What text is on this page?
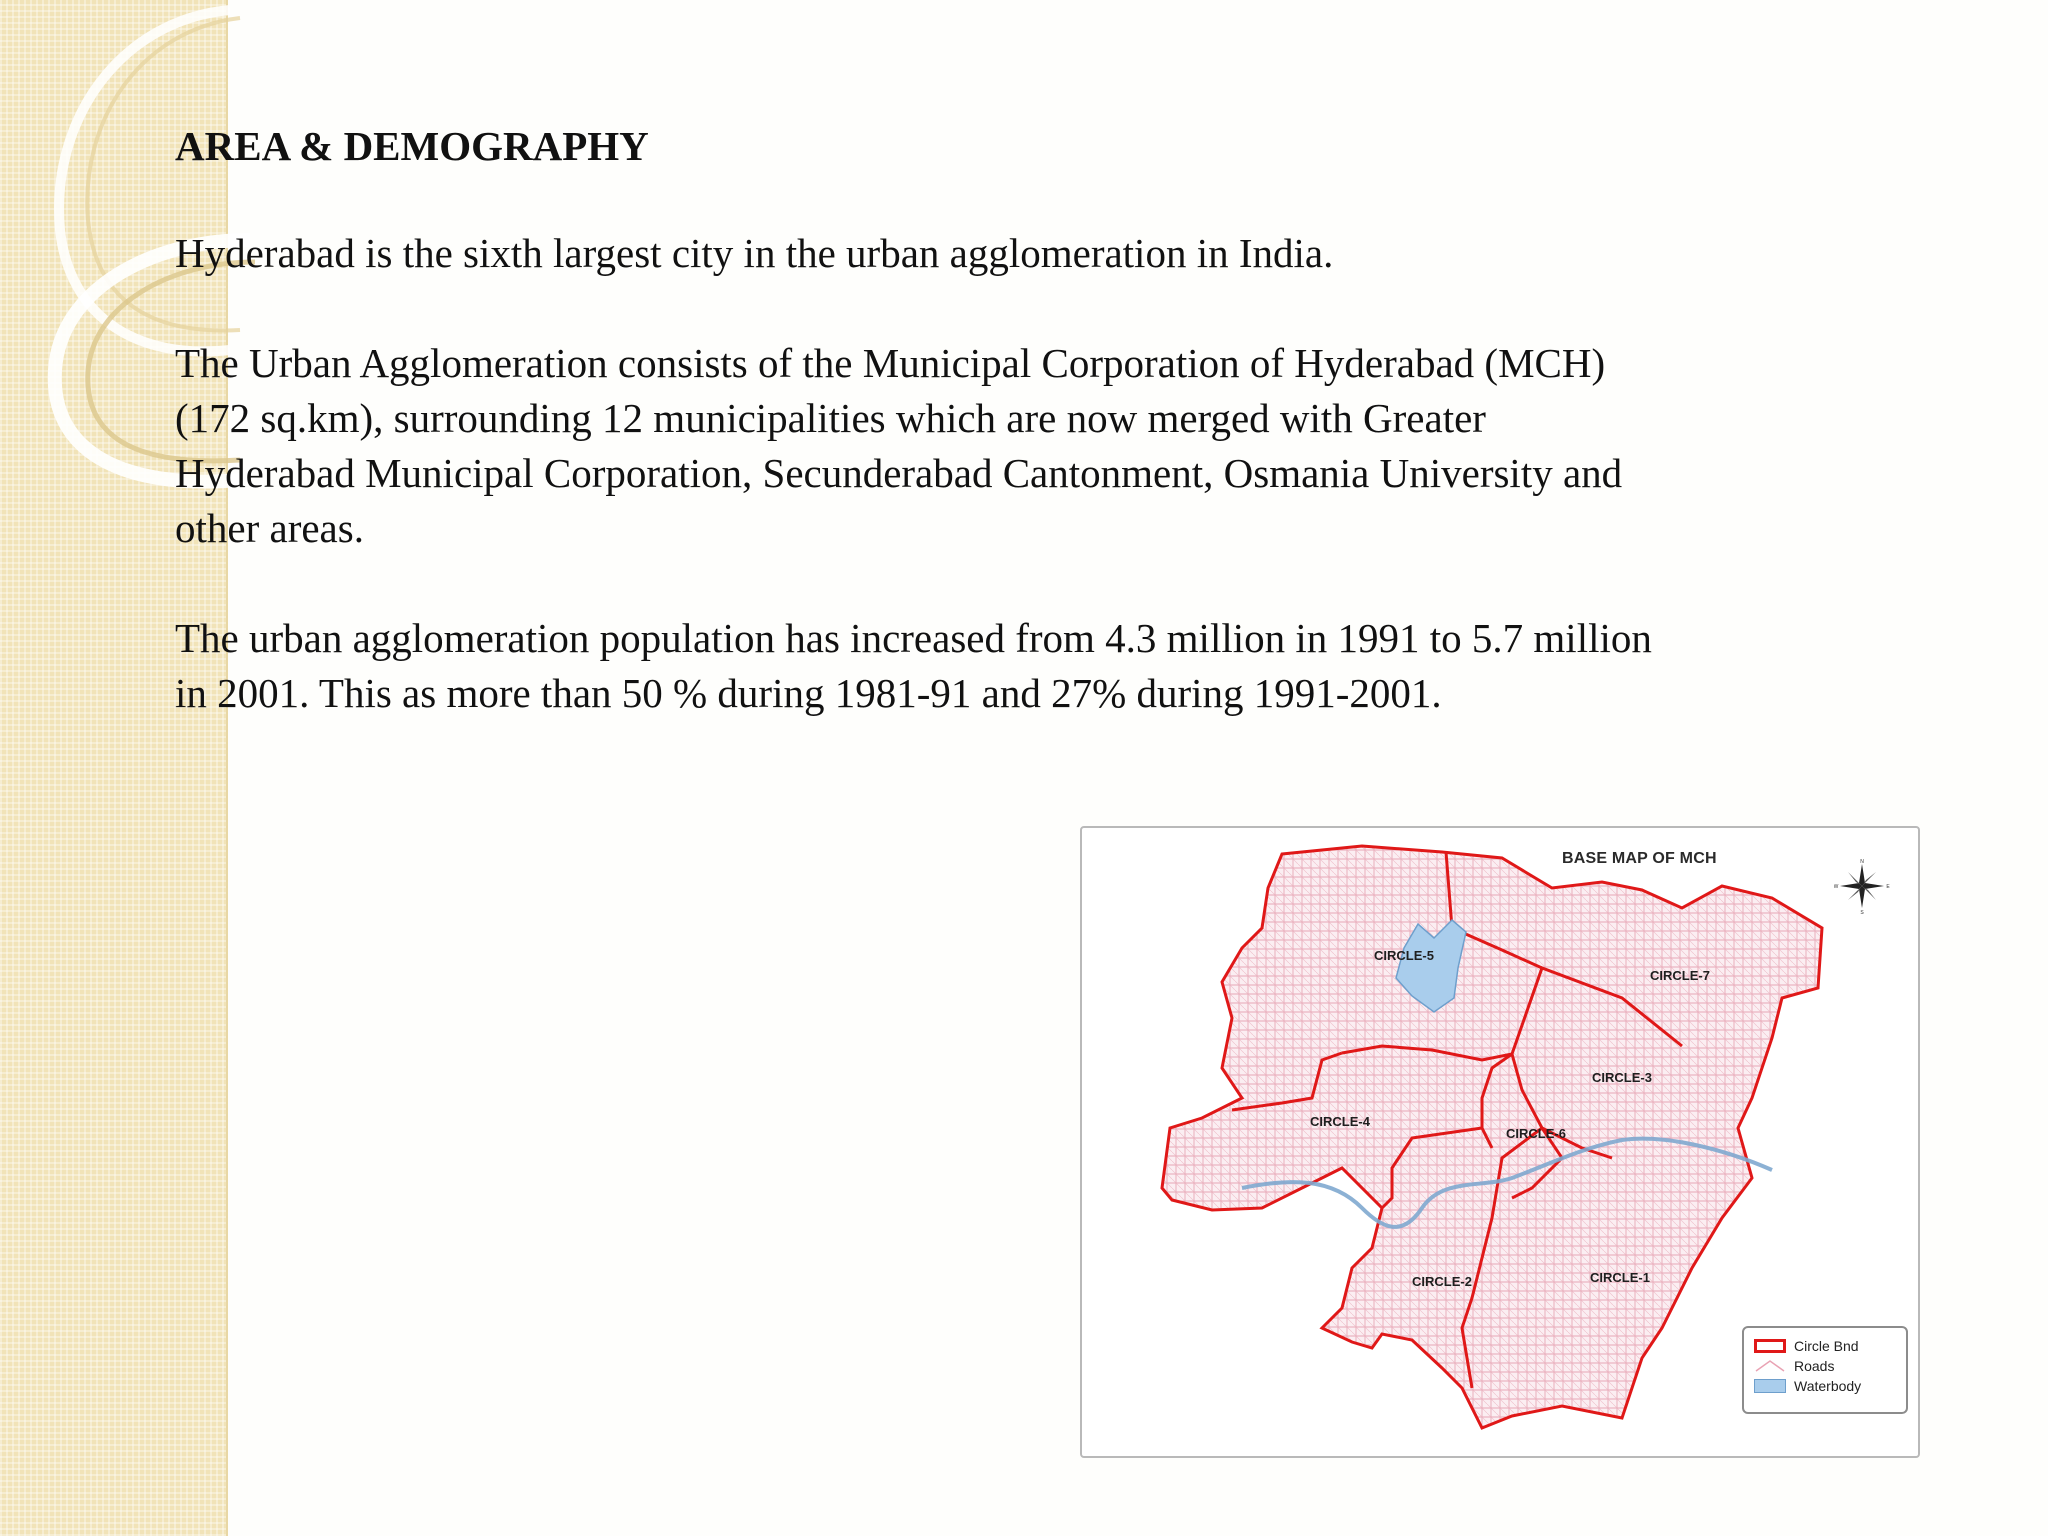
AREA & DEMOGRAPHY
Hyderabad is the sixth largest city in the urban agglomeration in India.
The Urban Agglomeration consists of the Municipal Corporation of Hyderabad (MCH)
(172 sq.km), surrounding 12 municipalities which are now merged with Greater
Hyderabad Municipal Corporation, Secunderabad Cantonment, Osmania University and
other areas.
The urban agglomeration population has increased from 4.3 million in 1991 to 5.7 million
in 2001. This as more than 50 % during 1981-91 and 27% during 1991-2001.
BASE MAP OF MCH
CIRCLE-5
CIRCLE-7
CIRCLE-3
CIRCLE-4
CIRCLE-6
CIRCLE-2	CIRCLE-1
N
S
W	E
Circle Bnd
Roads
Waterbody
